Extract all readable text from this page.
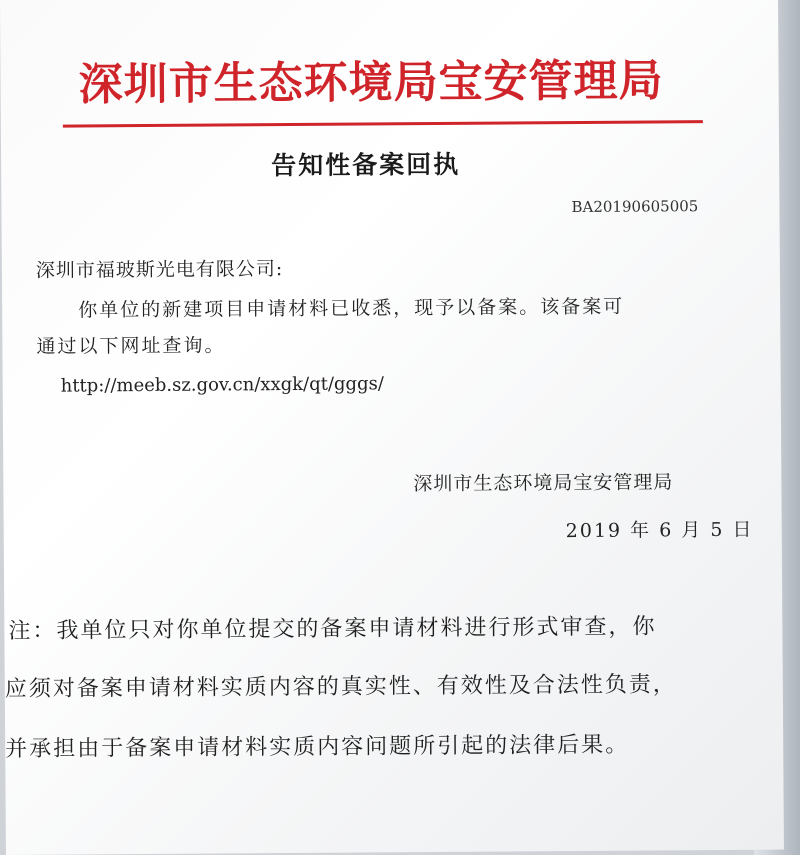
深圳市生态环境局宝安管理局
告知性备案回执

BA20190605005

深圳市福玻斯光电有限公司:

你单位的新建项目申请材料已收悉，现予以备案。该备案可

通过以下网址查询。

http://meeb.sz.gov.cn/xxgk/qt/gggs/

深圳市生态环境局宝安管理局

2019 年 6 月 5 日

注：我单位只对你单位提交的备案申请材料进行形式审查，你

应须对备案申请材料实质内容的真实性、有效性及合法性负责，

并承担由于备案申请材料实质内容问题所引起的法律后果。
